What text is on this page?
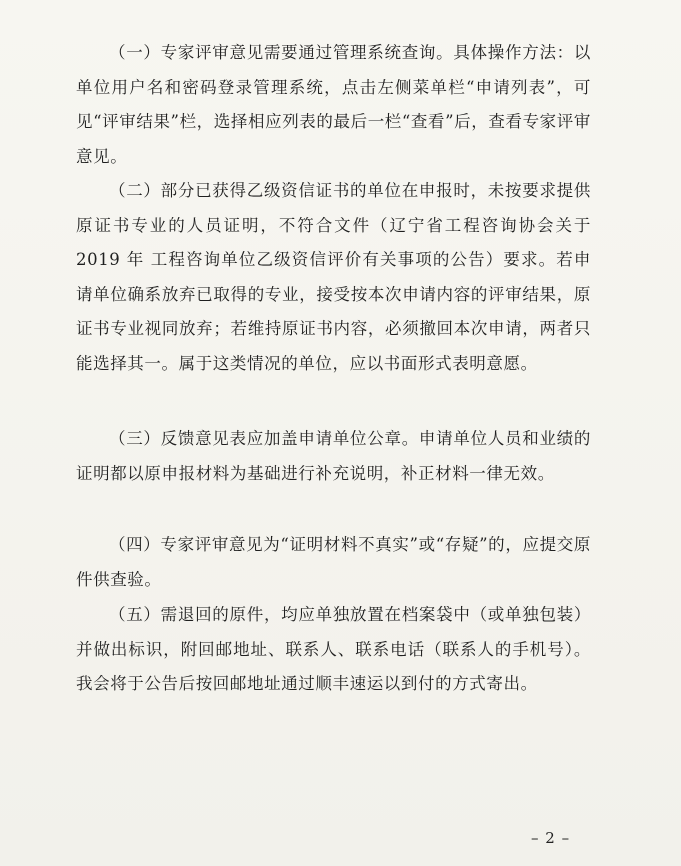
（一）专家评审意见需要通过管理系统查询。具体操作方法：以单位用户名和密码登录管理系统，点击左侧菜单栏“申请列表”，可见“评审结果”栏，选择相应列表的最后一栏“查看”后，查看专家评审意见。

（二）部分已获得乙级资信证书的单位在申报时，未按要求提供原证书专业的人员证明，不符合文件（辽宁省工程咨询协会关于 2019 年 工程咨询单位乙级资信评价有关事项的公告）要求。若申请单位确系放弃已取得的专业，接受按本次申请内容的评审结果，原证书专业视同放弃；若维持原证书内容，必须撤回本次申请，两者只能选择其一。属于这类情况的单位，应以书面形式表明意愿。

（三）反馈意见表应加盖申请单位公章。申请单位人员和业绩的证明都以原申报材料为基础进行补充说明，补正材料一律无效。

（四）专家评审意见为“证明材料不真实”或“存疑”的，应提交原件供查验。

（五）需退回的原件，均应单独放置在档案袋中（或单独包装）并做出标识，附回邮地址、联系人、联系电话（联系人的手机号）。我会将于公告后按回邮地址通过顺丰速运以到付的方式寄出。

– 2 –
